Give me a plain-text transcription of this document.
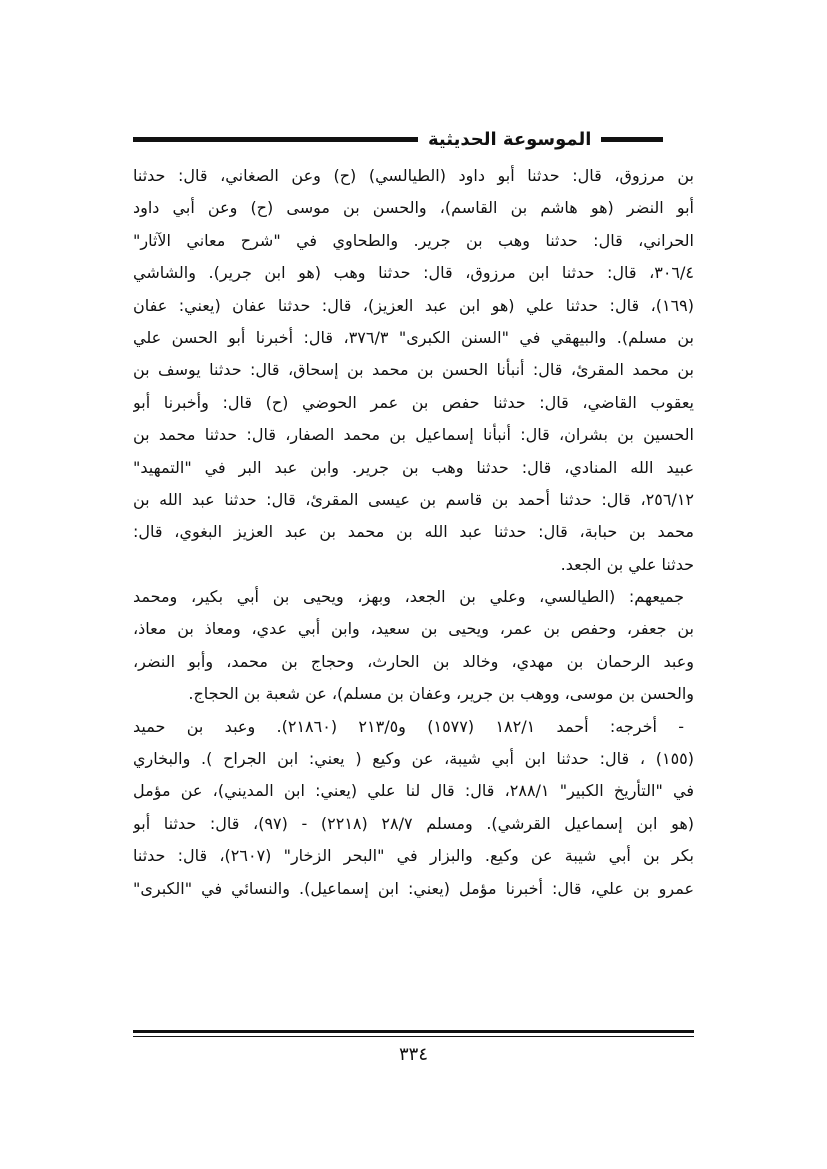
الموسوعة الحديثية
بن مرزوق، قال: حدثنا أبو داود (الطيالسي) (ح) وعن الصغاني، قال: حدثنا
أبو النضر (هو هاشم بن القاسم)، والحسن بن موسى (ح) وعن أبي داود
الحراني، قال: حدثنا وهب بن جرير. والطحاوي في "شرح معاني الآثار"
٣٠٦/٤، قال: حدثنا ابن مرزوق، قال: حدثنا وهب (هو ابن جرير). والشاشي
(١٦٩)، قال: حدثنا علي (هو ابن عبد العزيز)، قال: حدثنا عفان (يعني: عفان
بن مسلم). والبيهقي في "السنن الكبرى" ٣٧٦/٣، قال: أخبرنا أبو الحسن علي
بن محمد المقرئ، قال: أنبأنا الحسن بن محمد بن إسحاق، قال: حدثنا يوسف بن
يعقوب القاضي، قال: حدثنا حفص بن عمر الحوضي (ح) قال: وأخبرنا أبو
الحسين بن بشران، قال: أنبأنا إسماعيل بن محمد الصفار، قال: حدثنا محمد بن
عبيد الله المنادي، قال: حدثنا وهب بن جرير. وابن عبد البر في "التمهيد"
٢٥٦/١٢، قال: حدثنا أحمد بن قاسم بن عيسى المقرئ، قال: حدثنا عبد الله بن
محمد بن حبابة، قال: حدثنا عبد الله بن محمد بن عبد العزيز البغوي، قال:
حدثنا علي بن الجعد.
جميعهم: (الطيالسي، وعلي بن الجعد، وبهز، ويحيى بن أبي بكير، ومحمد
بن جعفر، وحفص بن عمر، ويحيى بن سعيد، وابن أبي عدي، ومعاذ بن معاذ،
وعبد الرحمان بن مهدي، وخالد بن الحارث، وحجاج بن محمد، وأبو النضر،
والحسن بن موسى، ووهب بن جرير، وعفان بن مسلم)، عن شعبة بن الحجاج.
- أخرجه: أحمد ١٨٢/١ (١٥٧٧) و٢١٣/٥ (٢١٨٦٠). وعبد بن حميد
(١٥٥) ، قال: حدثنا ابن أبي شيبة، عن وكيع ( يعني: ابن الجراح ). والبخاري
في "التأريخ الكبير" ٢٨٨/١، قال: قال لنا علي (يعني: ابن المديني)، عن مؤمل
(هو ابن إسماعيل القرشي). ومسلم ٢٨/٧ (٢٢١٨) - (٩٧)، قال: حدثنا أبو
بكر بن أبي شيبة عن وكيع. والبزار في "البحر الزخار" (٢٦٠٧)، قال: حدثنا
عمرو بن علي، قال: أخبرنا مؤمل (يعني: ابن إسماعيل). والنسائي في "الكبرى"
٣٣٤
